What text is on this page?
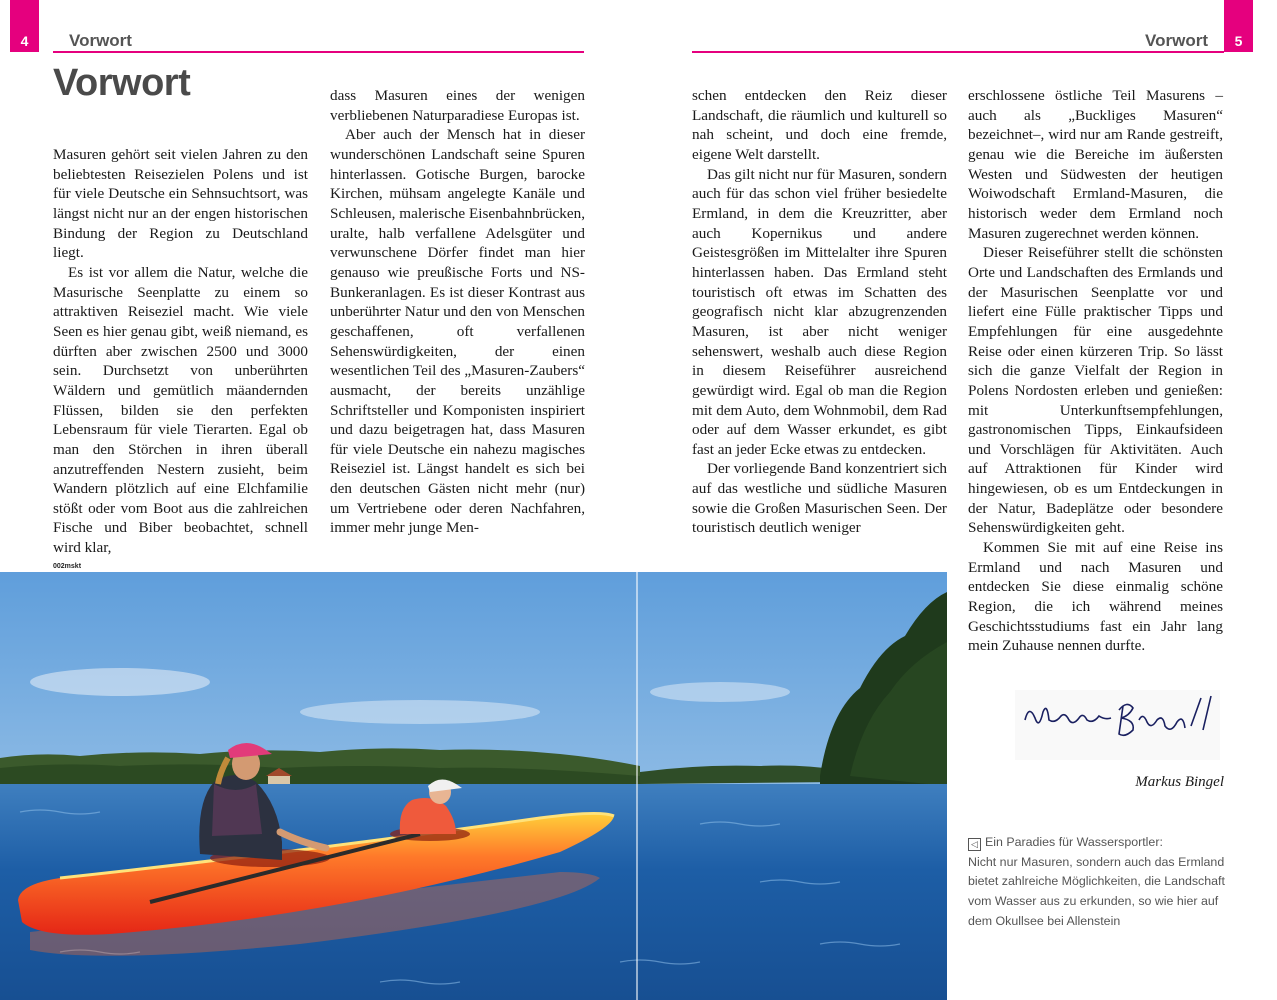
4	Vorwort	5
Vorwort
Vorwort

Masuren gehört seit vielen Jahren zu den beliebtesten Reisezielen Polens und ist für viele Deutsche ein Sehnsuchtsort, was längst nicht nur an der engen historischen Bindung der Region zu Deutschland liegt.

Es ist vor allem die Natur, welche die Masurische Seenplatte zu einem so attraktiven Reiseziel macht. Wie viele Seen es hier genau gibt, weiß niemand, es dürften aber zwischen 2500 und 3000 sein. Durchsetzt von unberührten Wäldern und gemütlich mäandernden Flüssen, bilden sie den perfekten Lebensraum für viele Tierarten. Egal ob man den Störchen in ihren überall anzutreffenden Nestern zusieht, beim Wandern plötzlich auf eine Elchfamilie stößt oder vom Boot aus die zahlreichen Fische und Biber beobachtet, schnell wird klar,

dass Masuren eines der wenigen verbliebenen Naturparadiese Europas ist.

Aber auch der Mensch hat in dieser wunderschönen Landschaft seine Spuren hinterlassen. Gotische Burgen, barocke Kirchen, mühsam angelegte Kanäle und Schleusen, malerische Eisenbahnbrücken, uralte, halb verfallene Adelsgüter und verwunschene Dörfer findet man hier genauso wie preußische Forts und NS-Bunkeranlagen. Es ist dieser Kontrast aus unberührter Natur und den von Menschen geschaffenen, oft verfallenen Sehenswürdigkeiten, der einen wesentlichen Teil des „Masuren-Zaubers“ ausmacht, der bereits unzählige Schriftsteller und Komponisten inspiriert und dazu beigetragen hat, dass Masuren für viele Deutsche ein nahezu magisches Reiseziel ist. Längst handelt es sich bei den deutschen Gästen nicht mehr (nur) um Vertriebene oder deren Nachfahren, immer mehr junge Men-

schen entdecken den Reiz dieser Landschaft, die räumlich und kulturell so nah scheint, und doch eine fremde, eigene Welt darstellt.

Das gilt nicht nur für Masuren, sondern auch für das schon viel früher besiedelte Ermland, in dem die Kreuzritter, aber auch Kopernikus und andere Geistesgrößen im Mittelalter ihre Spuren hinterlassen haben. Das Ermland steht touristisch oft etwas im Schatten des geografisch nicht klar abzugrenzenden Masuren, ist aber nicht weniger sehenswert, weshalb auch diese Region in diesem Reiseführer ausreichend gewürdigt wird. Egal ob man die Region mit dem Auto, dem Wohnmobil, dem Rad oder auf dem Wasser erkundet, es gibt fast an jeder Ecke etwas zu entdecken.

Der vorliegende Band konzentriert sich auf das westliche und südliche Masuren sowie die Großen Masurischen Seen. Der touristisch deutlich weniger

erschlossene östliche Teil Masurens – auch als „Buckliges Masuren“ bezeichnet–, wird nur am Rande gestreift, genau wie die Bereiche im äußersten Westen und Südwesten der heutigen Woiwodschaft Ermland-Masuren, die historisch weder dem Ermland noch Masuren zugerechnet werden können.

Dieser Reiseführer stellt die schönsten Orte und Landschaften des Ermlands und der Masurischen Seenplatte vor und liefert eine Fülle praktischer Tipps und Empfehlungen für eine ausgedehnte Reise oder einen kürzeren Trip. So lässt sich die ganze Vielfalt der Region in Polens Nordosten erleben und genießen: mit Unterkunftsempfehlungen, gastronomischen Tipps, Einkaufsideen und Vorschlägen für Aktivitäten. Auch auf Attraktionen für Kinder wird hingewiesen, ob es um Entdeckungen in der Natur, Badeplätze oder besondere Sehenswürdigkeiten geht.

Kommen Sie mit auf eine Reise ins Ermland und nach Masuren und entdecken Sie diese einmalig schöne Region, die ich während meines Geschichtsstudiums fast ein Jahr lang mein Zuhause nennen durfte.

002mskt
Markus Bingel
◁ Ein Paradies für Wassersportler:
Nicht nur Masuren, sondern auch das Ermland
bietet zahlreiche Möglichkeiten, die Landschaft
vom Wasser aus zu erkunden, so wie hier auf
dem Okullsee bei Allenstein
